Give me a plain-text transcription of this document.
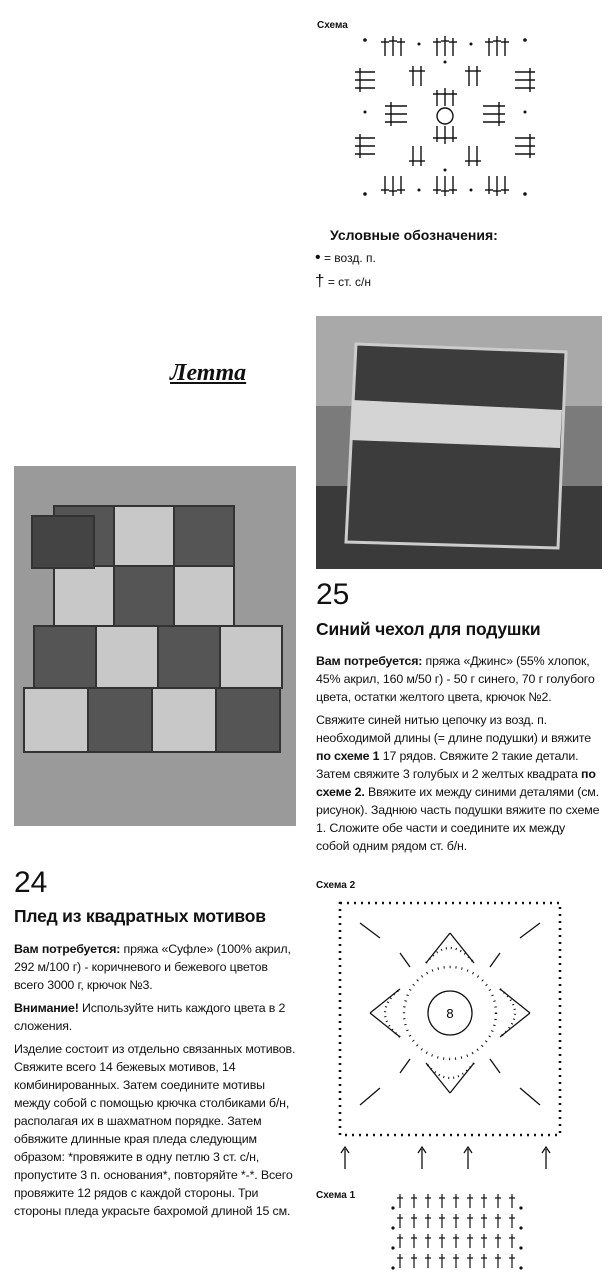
Схема
Условные обозначения:
• = возд. п.
† = ст. с/н
Летта
25
Синий чехол для подушки

Вам потребуется: пряжа «Джинс» (55% хлопок, 45% акрил, 160 м/50 г) - 50 г синего, 70 г голубого цвета, остатки желтого цвета, крючок №2.

Свяжите синей нитью цепочку из возд. п. необходимой длины (= длине подушки) и вяжите по схеме 1 17 рядов. Свяжите 2 такие детали. Затем свяжите 3 голубых и 2 желтых квадрата по схеме 2. Ввяжите их между синими деталями (см. рисунок). Заднюю часть подушки вяжите по схеме 1. Сложите обе части и соедините их между собой одним рядом ст. б/н.

24
Плед из квадратных мотивов

Вам потребуется: пряжа «Суфле» (100% акрил, 292 м/100 г) - коричневого и бежевого цветов всего 3000 г, крючок №3.

Внимание! Используйте нить каждого цвета в 2 сложения.

Изделие состоит из отдельно связанных мотивов. Свяжите всего 14 бежевых мотивов, 14 комбинированных. Затем соедините мотивы между собой с помощью крючка столбиками б/н, располагая их в шахматном порядке. Затем обвяжите длинные края пледа следующим образом: *провяжите в одну петлю 3 ст. с/н, пропустите 3 п. основания*, повторяйте *-*. Всего провяжите 12 рядов с каждой стороны. Три стороны пледа украсьте бахромой длиной 15 см.

Схема 2
8
Схема 1
